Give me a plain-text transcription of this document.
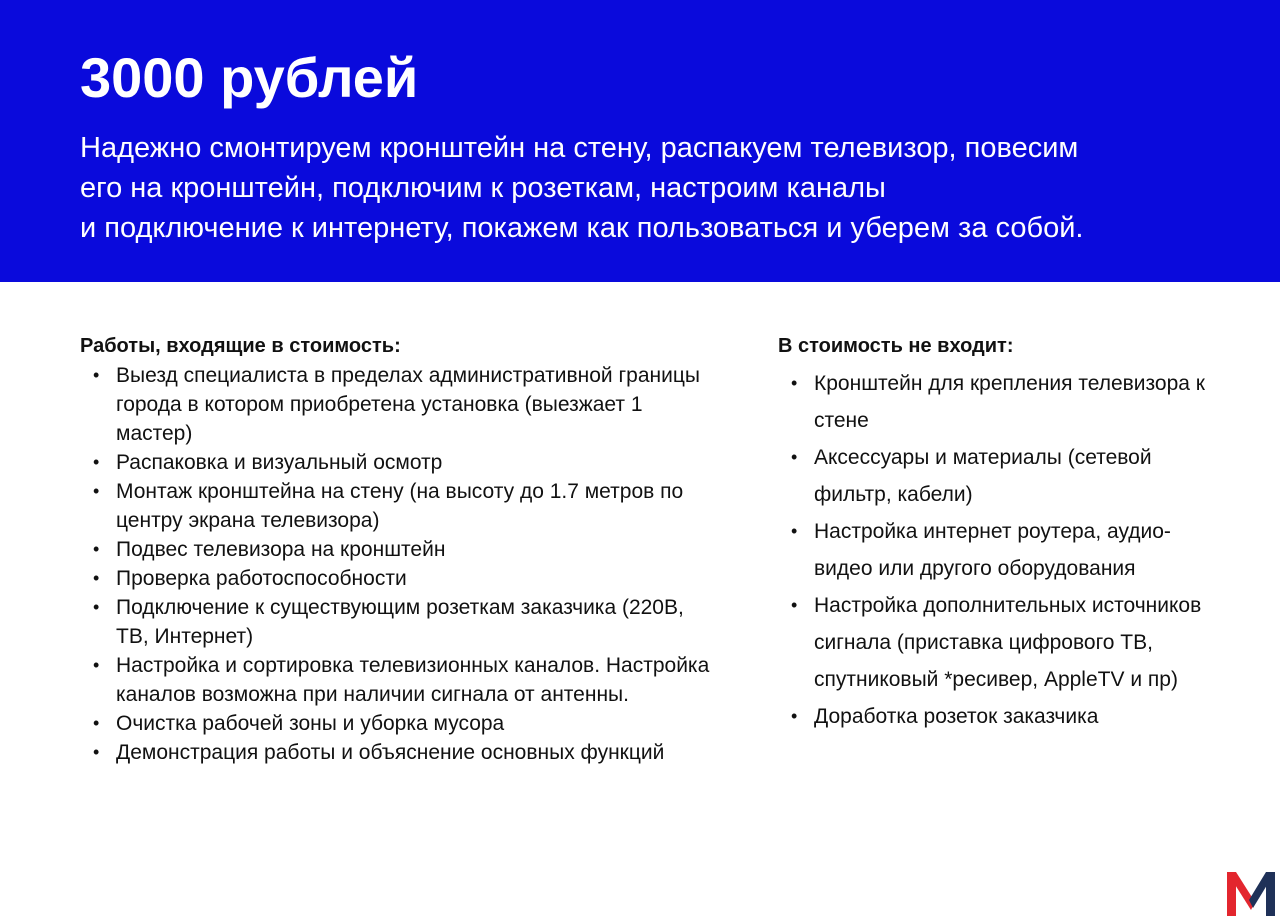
3000 рублей

Надежно смонтируем кронштейн на стену, распакуем телевизор, повесим
его на кронштейн, подключим к розеткам, настроим каналы
и подключение к интернету, покажем как пользоваться и уберем за собой.

Работы, входящие в стоимость:
• Выезд специалиста в пределах административной границы города в котором приобретена установка (выезжает 1 мастер)
• Распаковка и визуальный осмотр
• Монтаж кронштейна на стену (на высоту до 1.7 метров по центру экрана телевизора)
• Подвес телевизора на кронштейн
• Проверка работоспособности
• Подключение к существующим розеткам заказчика (220В, ТВ, Интернет)
• Настройка и сортировка телевизионных каналов. Настройка каналов возможна при наличии сигнала от антенны.
• Очистка рабочей зоны и уборка мусора
• Демонстрация работы и объяснение основных функций
В стоимость не входит:
• Кронштейн для крепления телевизора к стене
• Аксессуары и материалы (сетевой фильтр, кабели)
• Настройка интернет роутера, аудио-видео или другого оборудования
• Настройка дополнительных источников сигнала (приставка цифрового ТВ, спутниковый *ресивер, AppleTV и пр)
• Доработка розеток заказчика
